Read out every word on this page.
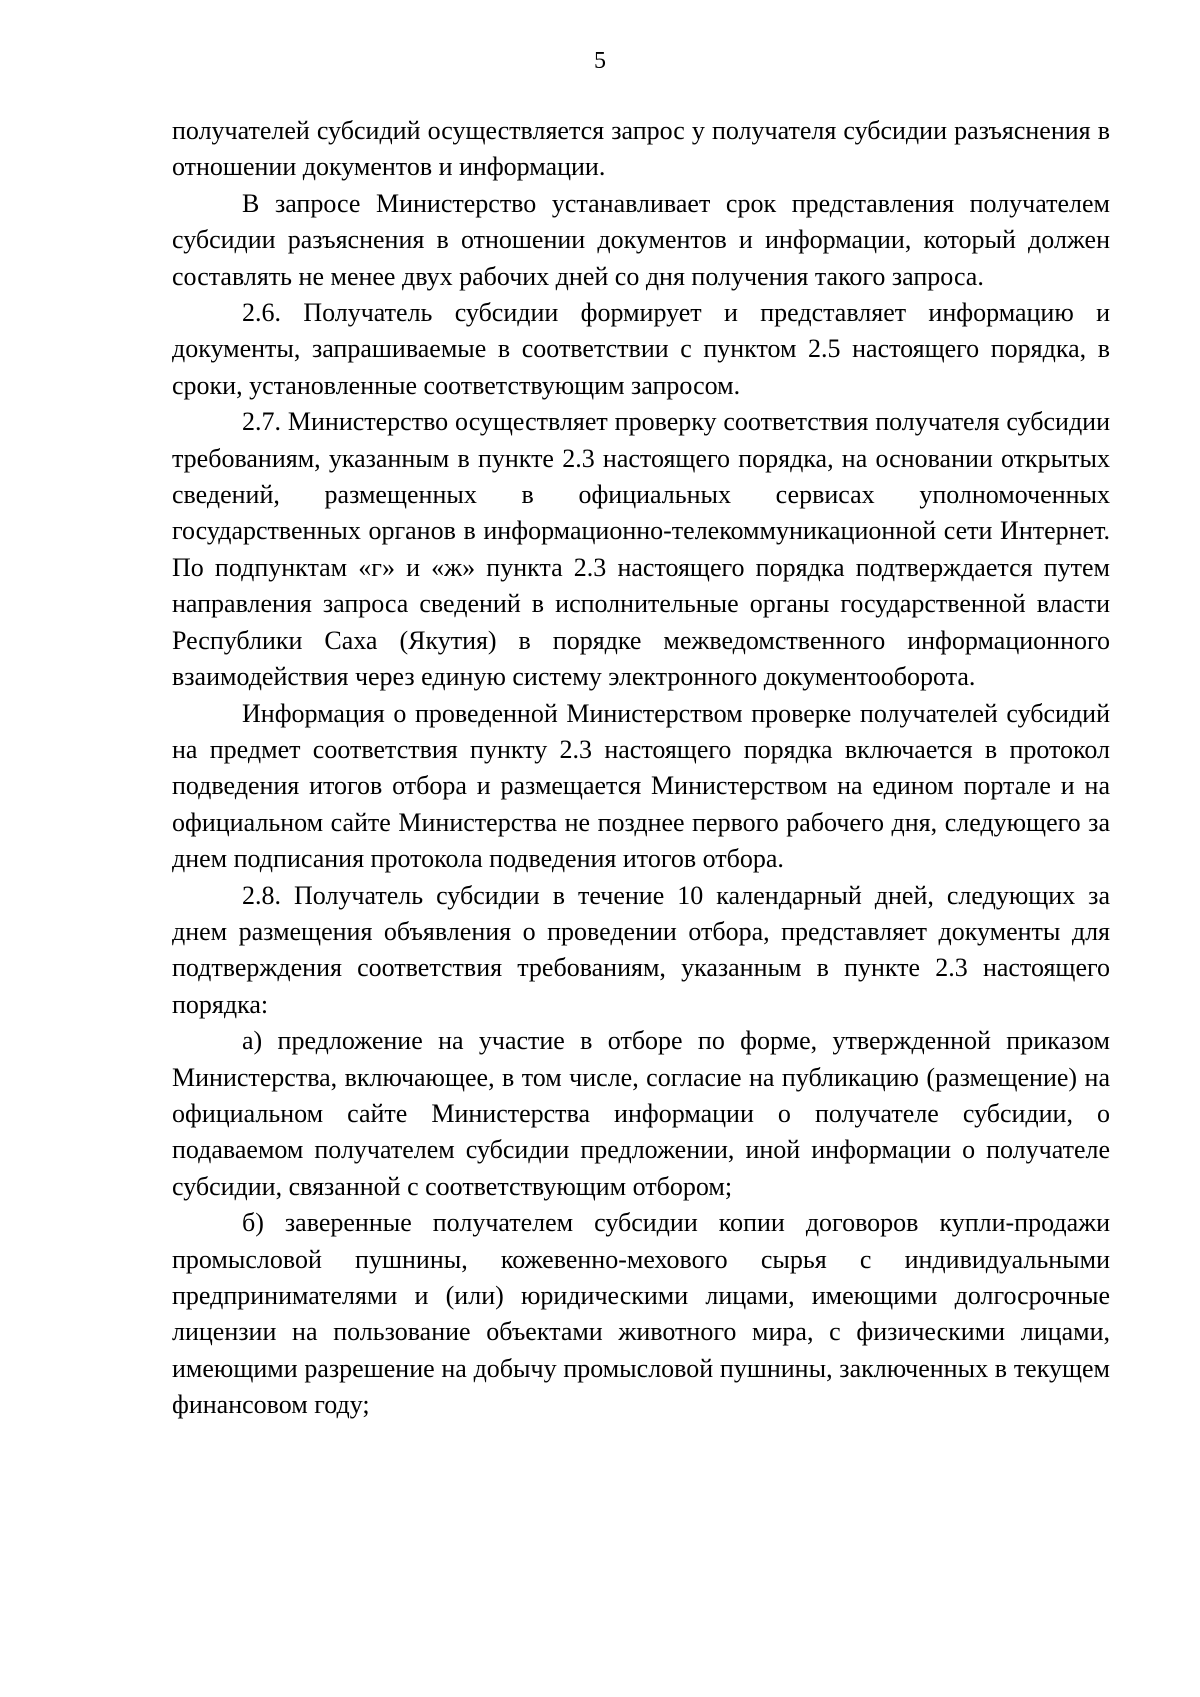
5

получателей субсидий осуществляется запрос у получателя субсидии разъяснения в отношении документов и информации.

В запросе Министерство устанавливает срок представления получателем субсидии разъяснения в отношении документов и информации, который должен составлять не менее двух рабочих дней со дня получения такого запроса.

2.6. Получатель субсидии формирует и представляет информацию и документы, запрашиваемые в соответствии с пунктом 2.5 настоящего порядка, в сроки, установленные соответствующим запросом.

2.7. Министерство осуществляет проверку соответствия получателя субсидии требованиям, указанным в пункте 2.3 настоящего порядка, на основании открытых сведений, размещенных в официальных сервисах уполномоченных государственных органов в информационно-телекоммуникационной сети Интернет. По подпунктам «г» и «ж» пункта 2.3 настоящего порядка подтверждается путем направления запроса сведений в исполнительные органы государственной власти Республики Саха (Якутия) в порядке межведомственного информационного взаимодействия через единую систему электронного документооборота.

Информация о проведенной Министерством проверке получателей субсидий на предмет соответствия пункту 2.3 настоящего порядка включается в протокол подведения итогов отбора и размещается Министерством на едином портале и на официальном сайте Министерства не позднее первого рабочего дня, следующего за днем подписания протокола подведения итогов отбора.

2.8. Получатель субсидии в течение 10 календарный дней, следующих за днем размещения объявления о проведении отбора, представляет документы для подтверждения соответствия требованиям, указанным в пункте 2.3 настоящего порядка:

а) предложение на участие в отборе по форме, утвержденной приказом Министерства, включающее, в том числе, согласие на публикацию (размещение) на официальном сайте Министерства информации о получателе субсидии, о подаваемом получателем субсидии предложении, иной информации о получателе субсидии, связанной с соответствующим отбором;

б) заверенные получателем субсидии копии договоров купли-продажи промысловой пушнины, кожевенно-мехового сырья с индивидуальными предпринимателями и (или) юридическими лицами, имеющими долгосрочные лицензии на пользование объектами животного мира, с физическими лицами, имеющими разрешение на добычу промысловой пушнины, заключенных в текущем финансовом году;
